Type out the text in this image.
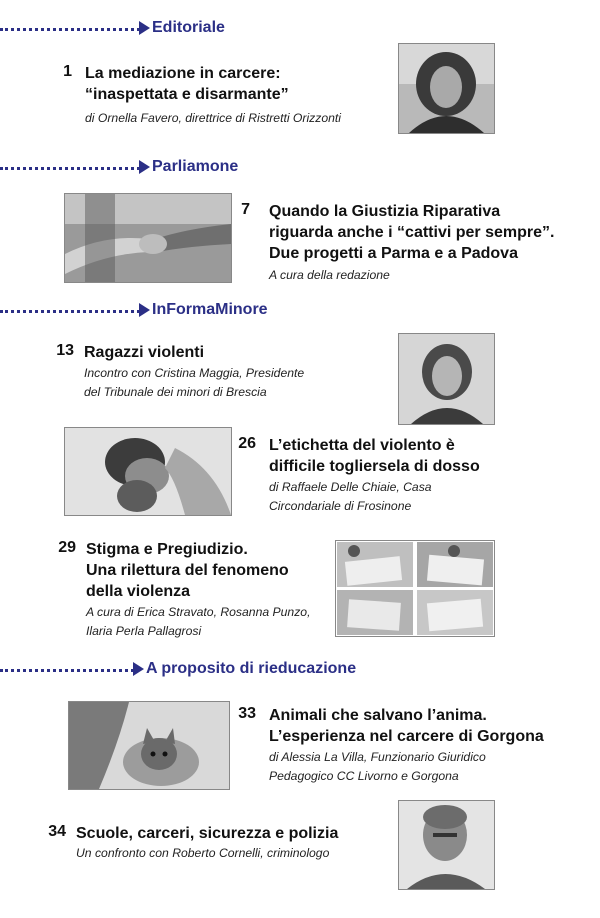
Editoriale
Parliamone
InFormaMinore
A proposito di rieducazione
1 La mediazione in carcere:
“inaspettata e disarmante”
di Ornella Favero, direttrice di Ristretti Orizzonti
7 Quando la Giustizia Riparativa
riguarda anche i “cattivi per sempre”.
Due progetti a Parma e a Padova
A cura della redazione
13 Ragazzi violenti
Incontro con Cristina Maggia, Presidente
del Tribunale dei minori di Brescia
26 L’etichetta del violento è
difficile togliersela di dosso
di Raffaele Delle Chiaie, Casa
Circondariale di Frosinone
29 Stigma e Pregiudizio.
Una rilettura del fenomeno
della violenza
A cura di Erica Stravato, Rosanna Punzo,
Ilaria Perla Pallagrosi
33 Animali che salvano l’anima.
L’esperienza nel carcere di Gorgona
di Alessia La Villa, Funzionario Giuridico
Pedagogico CC Livorno e Gorgona
34 Scuole, carceri, sicurezza e polizia
Un confronto con Roberto Cornelli, criminologo
